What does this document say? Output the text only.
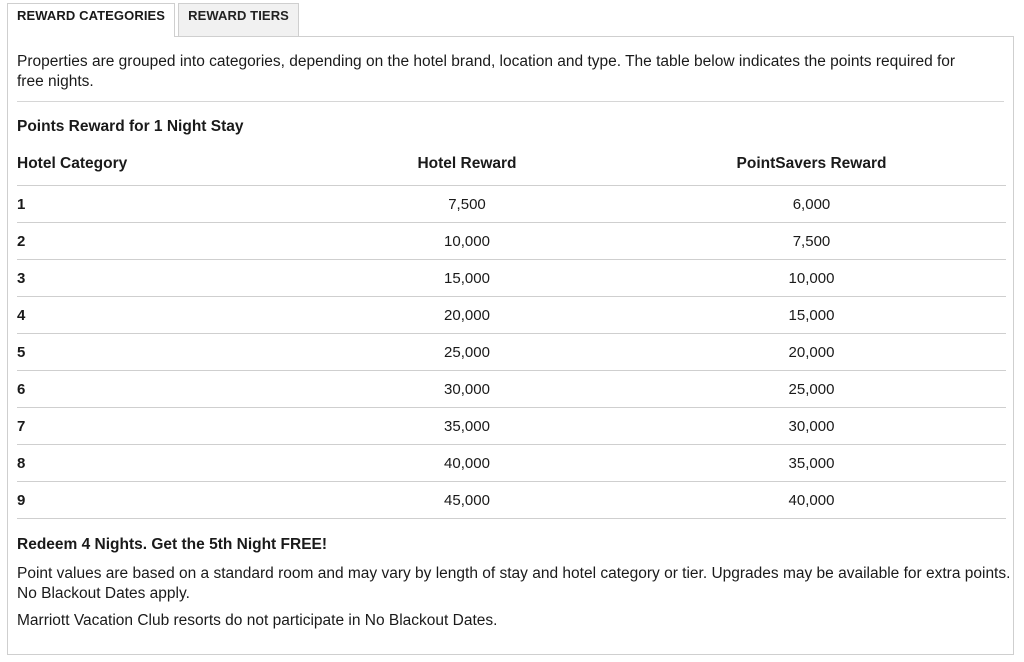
REWARD CATEGORIES	REWARD TIERS
Properties are grouped into categories, depending on the hotel brand, location and type. The table below indicates the points required for free nights.
Points Reward for 1 Night Stay
Hotel Category	Hotel Reward	PointSavers Reward
1	7,500	6,000
2	10,000	7,500
3	15,000	10,000
4	20,000	15,000
5	25,000	20,000
6	30,000	25,000
7	35,000	30,000
8	40,000	35,000
9	45,000	40,000
Redeem 4 Nights. Get the 5th Night FREE!
Point values are based on a standard room and may vary by length of stay and hotel category or tier. Upgrades may be available for extra points. No Blackout Dates apply.
Marriott Vacation Club resorts do not participate in No Blackout Dates.
